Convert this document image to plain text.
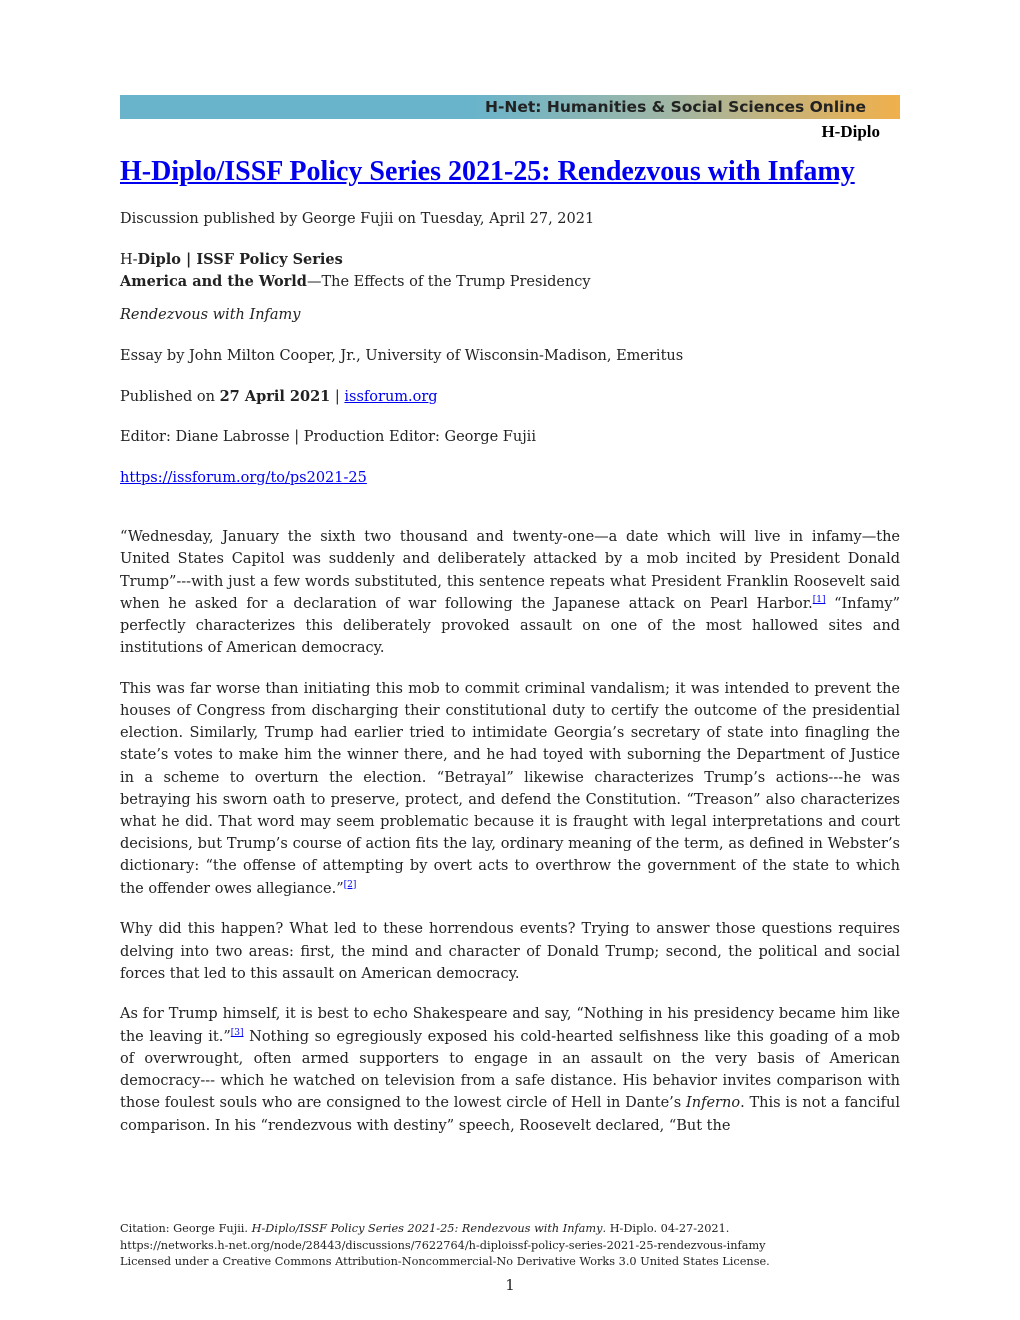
H-Net: Humanities & Social Sciences Online
H-Diplo
H-Diplo/ISSF Policy Series 2021-25: Rendezvous with Infamy

Discussion published by George Fujii on Tuesday, April 27, 2021

H-Diplo | ISSF Policy Series
America and the World—The Effects of the Trump Presidency

Rendezvous with Infamy

Essay by John Milton Cooper, Jr., University of Wisconsin-Madison, Emeritus

Published on 27 April 2021 | issforum.org

Editor: Diane Labrosse | Production Editor: George Fujii

https://issforum.org/to/ps2021-25

“Wednesday, January the sixth two thousand and twenty-one—a date which will live in infamy—the United States Capitol was suddenly and deliberately attacked by a mob incited by President Donald Trump”---with just a few words substituted, this sentence repeats what President Franklin Roosevelt said when he asked for a declaration of war following the Japanese attack on Pearl Harbor.[1] “Infamy” perfectly characterizes this deliberately provoked assault on one of the most hallowed sites and institutions of American democracy.

This was far worse than initiating this mob to commit criminal vandalism; it was intended to prevent the houses of Congress from discharging their constitutional duty to certify the outcome of the presidential election. Similarly, Trump had earlier tried to intimidate Georgia’s secretary of state into finagling the state’s votes to make him the winner there, and he had toyed with suborning the Department of Justice in a scheme to overturn the election. “Betrayal” likewise characterizes Trump’s actions---he was betraying his sworn oath to preserve, protect, and defend the Constitution. “Treason” also characterizes what he did. That word may seem problematic because it is fraught with legal interpretations and court decisions, but Trump’s course of action fits the lay, ordinary meaning of the term, as defined in Webster’s dictionary: “the offense of attempting by overt acts to overthrow the government of the state to which the offender owes allegiance.”[2]

Why did this happen? What led to these horrendous events? Trying to answer those questions requires delving into two areas: first, the mind and character of Donald Trump; second, the political and social forces that led to this assault on American democracy.

As for Trump himself, it is best to echo Shakespeare and say, “Nothing in his presidency became him like the leaving it.”[3] Nothing so egregiously exposed his cold-hearted selfishness like this goading of a mob of overwrought, often armed supporters to engage in an assault on the very basis of American democracy--- which he watched on television from a safe distance. His behavior invites comparison with those foulest souls who are consigned to the lowest circle of Hell in Dante’s Inferno. This is not a fanciful comparison. In his “rendezvous with destiny” speech, Roosevelt declared, “But the

Citation: George Fujii. H-Diplo/ISSF Policy Series 2021-25: Rendezvous with Infamy. H-Diplo. 04-27-2021.
https://networks.h-net.org/node/28443/discussions/7622764/h-diploissf-policy-series-2021-25-rendezvous-infamy
Licensed under a Creative Commons Attribution-Noncommercial-No Derivative Works 3.0 United States License.
1
